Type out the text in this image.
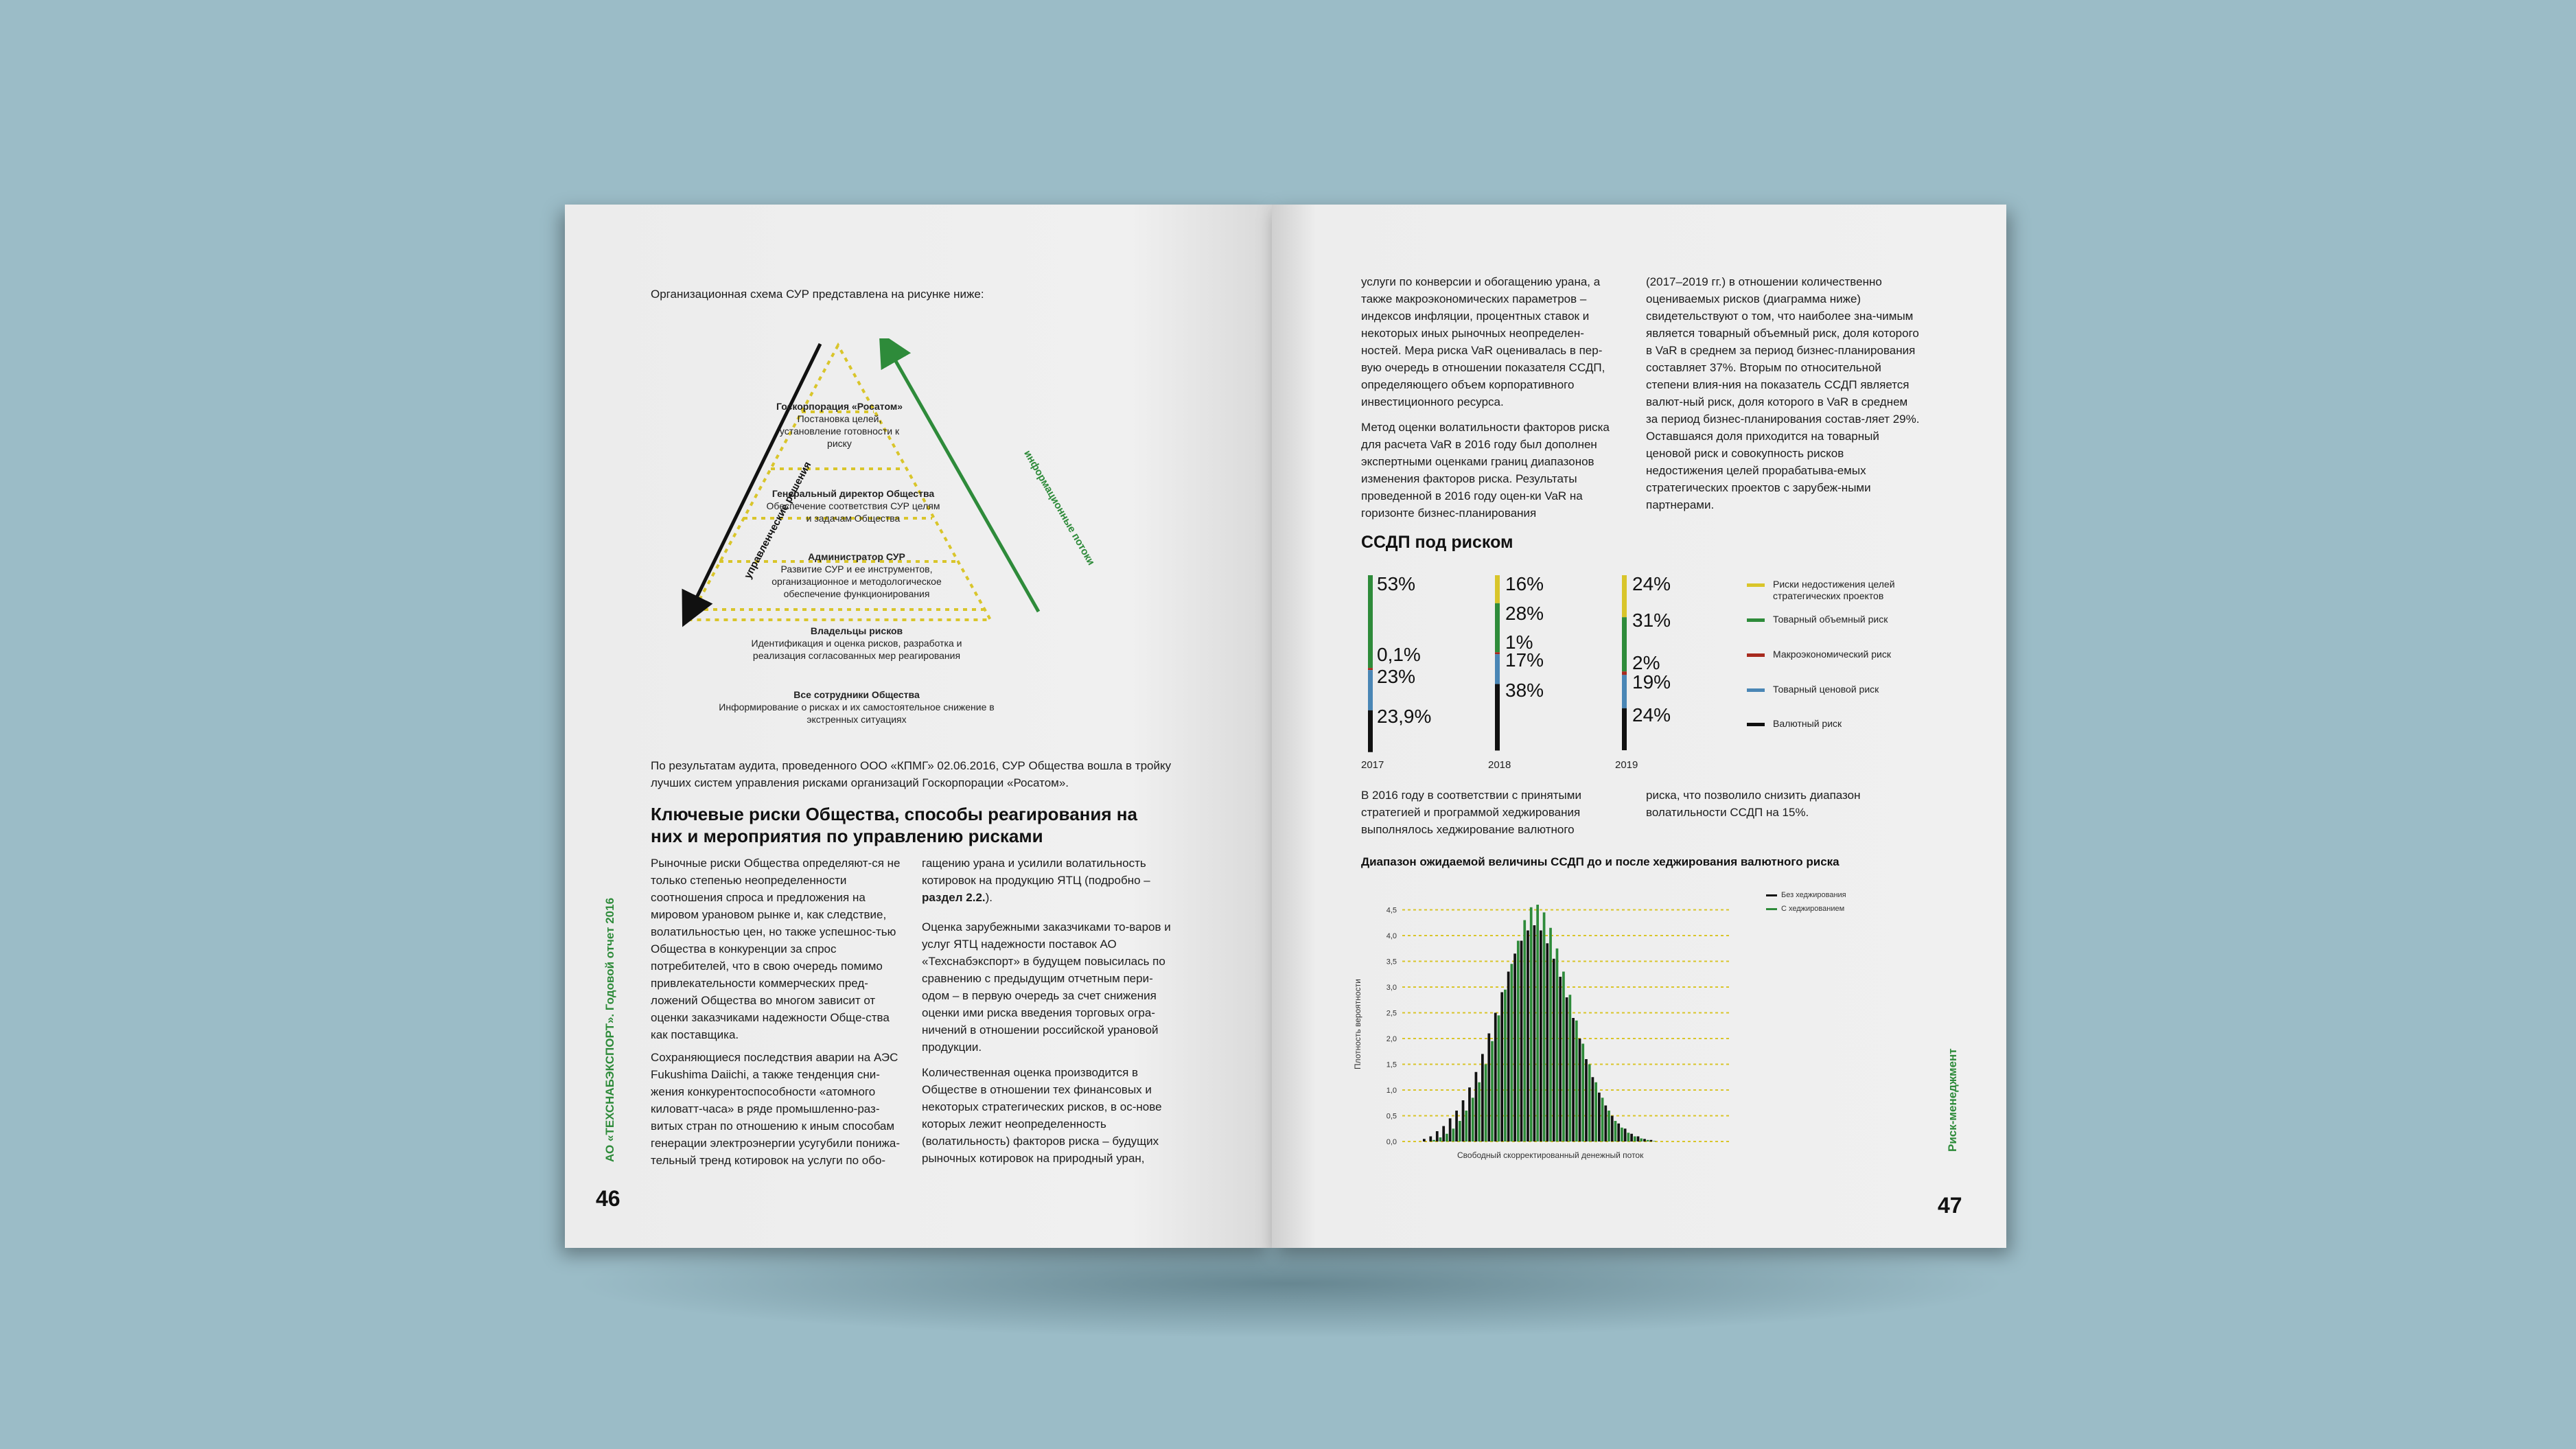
Организационная схема СУР представлена на рисунке ниже:
управленческие решения	информационные потоки
Госкорпорация «Росатом»
Постановка целей, установление готовности к риску
Генеральный директор Общества
Обеспечение соответствия СУР целям и задачам Общества
Администратор СУР
Развитие СУР и ее инструментов, организационное и методологическое обеспечение функционирования
Владельцы рисков
Идентификация и оценка рисков, разработка и реализация согласованных мер реагирования
Все сотрудники Общества
Информирование о рисках и их самостоятельное снижение в экстренных ситуациях
По результатам аудита, проведенного ООО «КПМГ» 02.06.2016, СУР Общества вошла в тройку лучших систем управления рисками организаций Госкорпорации «Росатом».
Ключевые риски Общества, способы реагирования на них и мероприятия по управлению рисками
Рыночные риски Общества определяют-ся не только степенью неопределенности соотношения спроса и предложения на мировом урановом рынке и, как следствие, волатильностью цен, но также успешнос-тью Общества в конкуренции за спрос потребителей, что в свою очередь помимо привлекательности коммерческих пред-ложений Общества во многом зависит от оценки заказчиками надежности Обще-ства как поставщика.
Сохраняющиеся последствия аварии на АЭС Fukushima Daiichi, а также тенденция сни-жения конкурентоспособности «атомного киловатт-часа» в ряде промышленно-раз-витых стран по отношению к иным способам генерации электроэнергии усугубили понижа-тельный тренд котировок на услуги по обо-
гащению урана и усилили волатильность котировок на продукцию ЯТЦ (подробно – раздел 2.2.).
Оценка зарубежными заказчиками то-варов и услуг ЯТЦ надежности поставок АО «Техснабэкспорт» в будущем повысилась по сравнению с предыдущим отчетным пери-одом – в первую очередь за счет снижения оценки ими риска введения торговых огра-ничений в отношении российской урановой продукции.
Количественная оценка производится в Обществе в отношении тех финансовых и некоторых стратегических рисков, в ос-нове которых лежит неопределенность (волатильность) факторов риска – будущих рыночных котировок на природный уран,
АО «ТЕХСНАБЭКСПОРТ». Годовой отчет 2016
46
услуги по конверсии и обогащению урана, а также макроэкономических параметров – индексов инфляции, процентных ставок и некоторых иных рыночных неопределен-ностей. Мера риска VaR оценивалась в пер-вую очередь в отношении показателя ССДП, определяющего объем корпоративного инвестиционного ресурса.
Метод оценки волатильности факторов риска для расчета VaR в 2016 году был дополнен экспертными оценками границ диапазонов изменения факторов риска. Результаты проведенной в 2016 году оцен-ки VaR на горизонте бизнес-планирования
(2017–2019 гг.) в отношении количественно оцениваемых рисков (диаграмма ниже) свидетельствуют о том, что наиболее зна-чимым является товарный объемный риск, доля которого в VaR в среднем за период бизнес-планирования составляет 37%. Вторым по относительной степени влия-ния на показатель ССДП является валют-ный риск, доля которого в VaR в среднем за период бизнес-планирования состав-ляет 29%. Оставшаяся доля приходится на товарный ценовой риск и совокупность рисков недостижения целей прорабатыва-емых стратегических проектов с зарубеж-ными партнерами.
ССДП под риском
53%
0,1%
23%
23,9%
16%
28%
1%
17%
38%
24%
31%
2%
19%
24%
2017	2018	2019
Риски недостижения целей стратегических проектов
Товарный объемный риск
Макроэкономический риск
Товарный ценовой риск
Валютный риск
В 2016 году в соответствии с принятыми стратегией и программой хеджирования выполнялось хеджирование валютного
риска, что позволило снизить диапазон волатильности ССДП на 15%.
Диапазон ожидаемой величины ССДП до и после хеджирования валютного риска
Плотность вероятности
0,0
0,5
1,0
1,5
2,0
2,5
3,0
3,5
4,0
4,5
Свободный скорректированный денежный поток
Без хеджирования
С хеджированием
Риск-менеджмент
47
